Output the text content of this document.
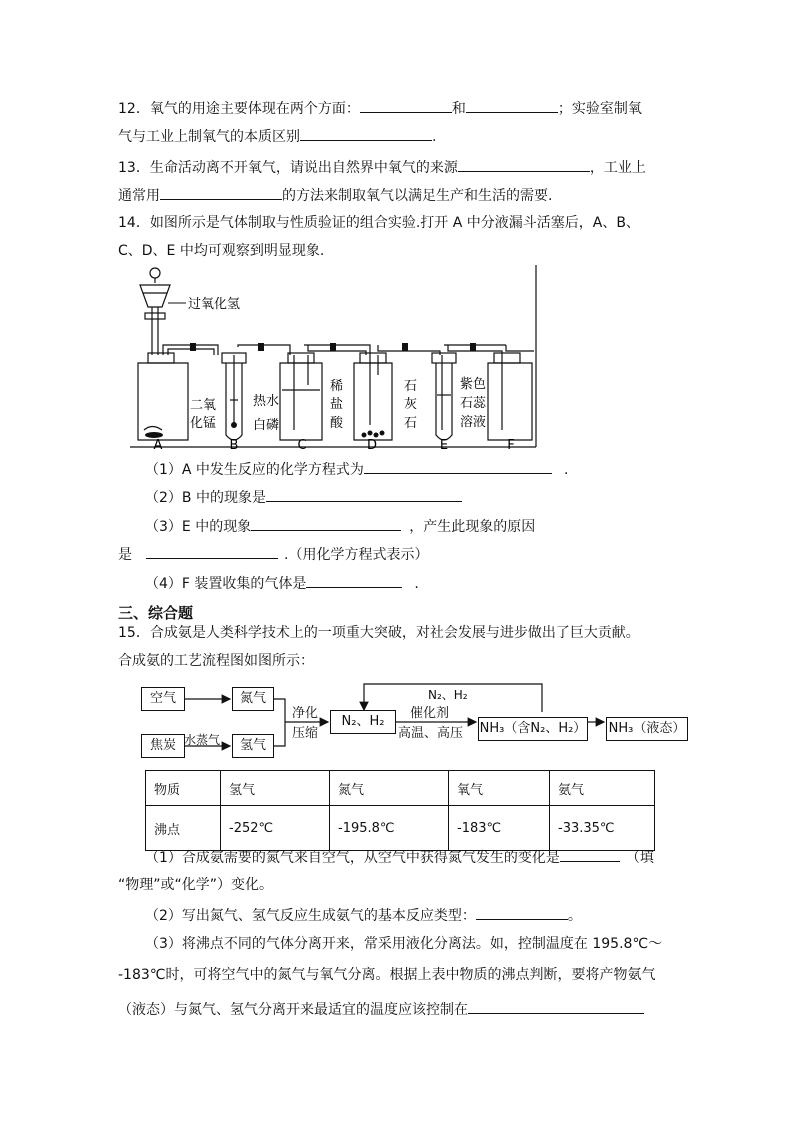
12．氧气的用途主要体现在两个方面：	和	；实验室制氧
气与工业上制氧气的本质区别	.
13．生命活动离不开氧气，请说出自然界中氧气的来源	，工业上
通常用	的方法来制取氧气以满足生产和生活的需要.
14．如图所示是气体制取与性质验证的组合实验.打开 A 中分液漏斗活塞后，A、B、
C、D、E 中均可观察到明显现象.
过氧化氢
二氧
化锰
热水
白磷
稀
盐
酸
石
灰
石
紫色
石蕊
溶液
A	B	C	D	E	F
（1）A 中发生反应的化学方程式为	.
（2）B 中的现象是
（3）E 中的现象	，产生此现象的原因
是	.（用化学方程式表示）
（4）F 装置收集的气体是	.
三、综合题
15．合成氨是人类科学技术上的一项重大突破，对社会发展与进步做出了巨大贡献。
合成氨的工艺流程图如图所示：
空气	氮气
焦炭 水蒸气	氢气
净化
压缩
N₂、H₂
N₂、H₂
催化剂
高温、高压 NH₃（含N₂、H₂） NH₃（液态）
物质	氢气	氮气	氧气	氨气
沸点	-252℃	-195.8℃	-183℃	-33.35℃
（1）合成氨需要的氮气来自空气，从空气中获得氮气发生的变化是	（填
“物理”或“化学”）变化。
（2）写出氮气、氢气反应生成氨气的基本反应类型：	。
（3）将沸点不同的气体分离开来，常采用液化分离法。如，控制温度在 195.8℃～
-183℃时，可将空气中的氮气与氧气分离。根据上表中物质的沸点判断，要将产物氨气
（液态）与氮气、氢气分离开来最适宜的温度应该控制在
